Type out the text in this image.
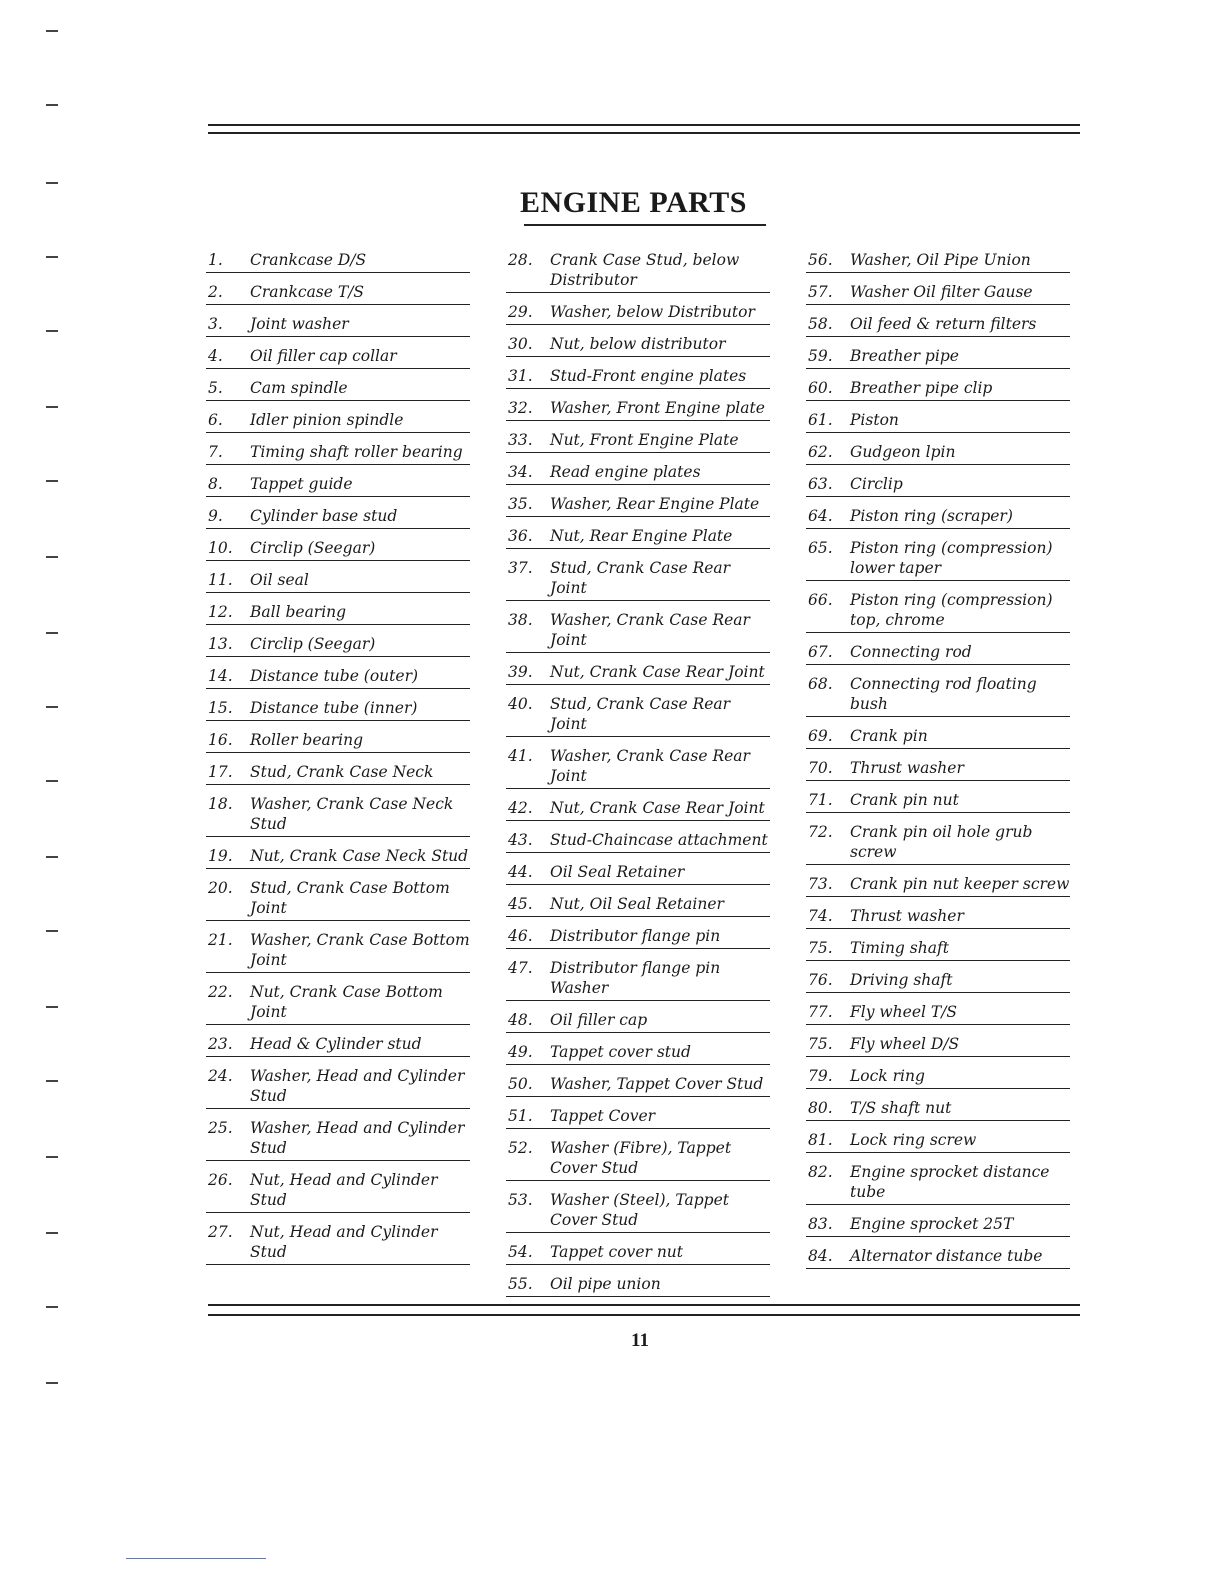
ENGINE PARTS
1.	Crankcase D/S
2.	Crankcase T/S
3.	Joint washer
4.	Oil filler cap collar
5.	Cam spindle
6.	Idler pinion spindle
7.	Timing shaft roller bearing
8.	Tappet guide
9.	Cylinder base stud
10.	Circlip (Seegar)
11.	Oil seal
12.	Ball bearing
13.	Circlip (Seegar)
14.	Distance tube (outer)
15.	Distance tube (inner)
16.	Roller bearing
17.	Stud, Crank Case Neck
18.	Washer, Crank Case Neck
Stud
19.	Nut, Crank Case Neck Stud
20.	Stud, Crank Case Bottom
Joint
21.	Washer, Crank Case Bottom
Joint
22.	Nut, Crank Case Bottom
Joint
23.	Head & Cylinder stud
24.	Washer, Head and Cylinder
Stud
25.	Washer, Head and Cylinder
Stud
26.	Nut, Head and Cylinder
Stud
27.	Nut, Head and Cylinder
Stud
28.	Crank Case Stud, below
Distributor
29.	Washer, below Distributor
30.	Nut, below distributor
31.	Stud-Front engine plates
32.	Washer, Front Engine plate
33.	Nut, Front Engine Plate
34.	Read engine plates
35.	Washer, Rear Engine Plate
36.	Nut, Rear Engine Plate
37.	Stud, Crank Case Rear Joint
38.	Washer, Crank Case Rear
Joint
39.	Nut, Crank Case Rear Joint
40.	Stud, Crank Case Rear Joint
41.	Washer, Crank Case Rear
Joint
42.	Nut, Crank Case Rear Joint
43.	Stud-Chaincase attachment
44.	Oil Seal Retainer
45.	Nut, Oil Seal Retainer
46.	Distributor flange pin
47.	Distributor flange pin
Washer
48.	Oil filler cap
49.	Tappet cover stud
50.	Washer, Tappet Cover Stud
51.	Tappet Cover
52.	Washer (Fibre), Tappet
Cover Stud
53.	Washer (Steel), Tappet
Cover Stud
54.	Tappet cover nut
55.	Oil pipe union
56.	Washer, Oil Pipe Union
57.	Washer Oil filter Gause
58.	Oil feed & return filters
59.	Breather pipe
60.	Breather pipe clip
61.	Piston
62.	Gudgeon lpin
63.	Circlip
64.	Piston ring (scraper)
65.	Piston ring (compression)
lower taper
66.	Piston ring (compression)
top, chrome
67.	Connecting rod
68.	Connecting rod floating bush
69.	Crank pin
70.	Thrust washer
71.	Crank pin nut
72.	Crank pin oil hole grub
screw
73.	Crank pin nut keeper screw
74.	Thrust washer
75.	Timing shaft
76.	Driving shaft
77.	Fly wheel T/S
75.	Fly wheel D/S
79.	Lock ring
80.	T/S shaft nut
81.	Lock ring screw
82.	Engine sprocket distance
tube
83.	Engine sprocket 25T
84.	Alternator distance tube
11
